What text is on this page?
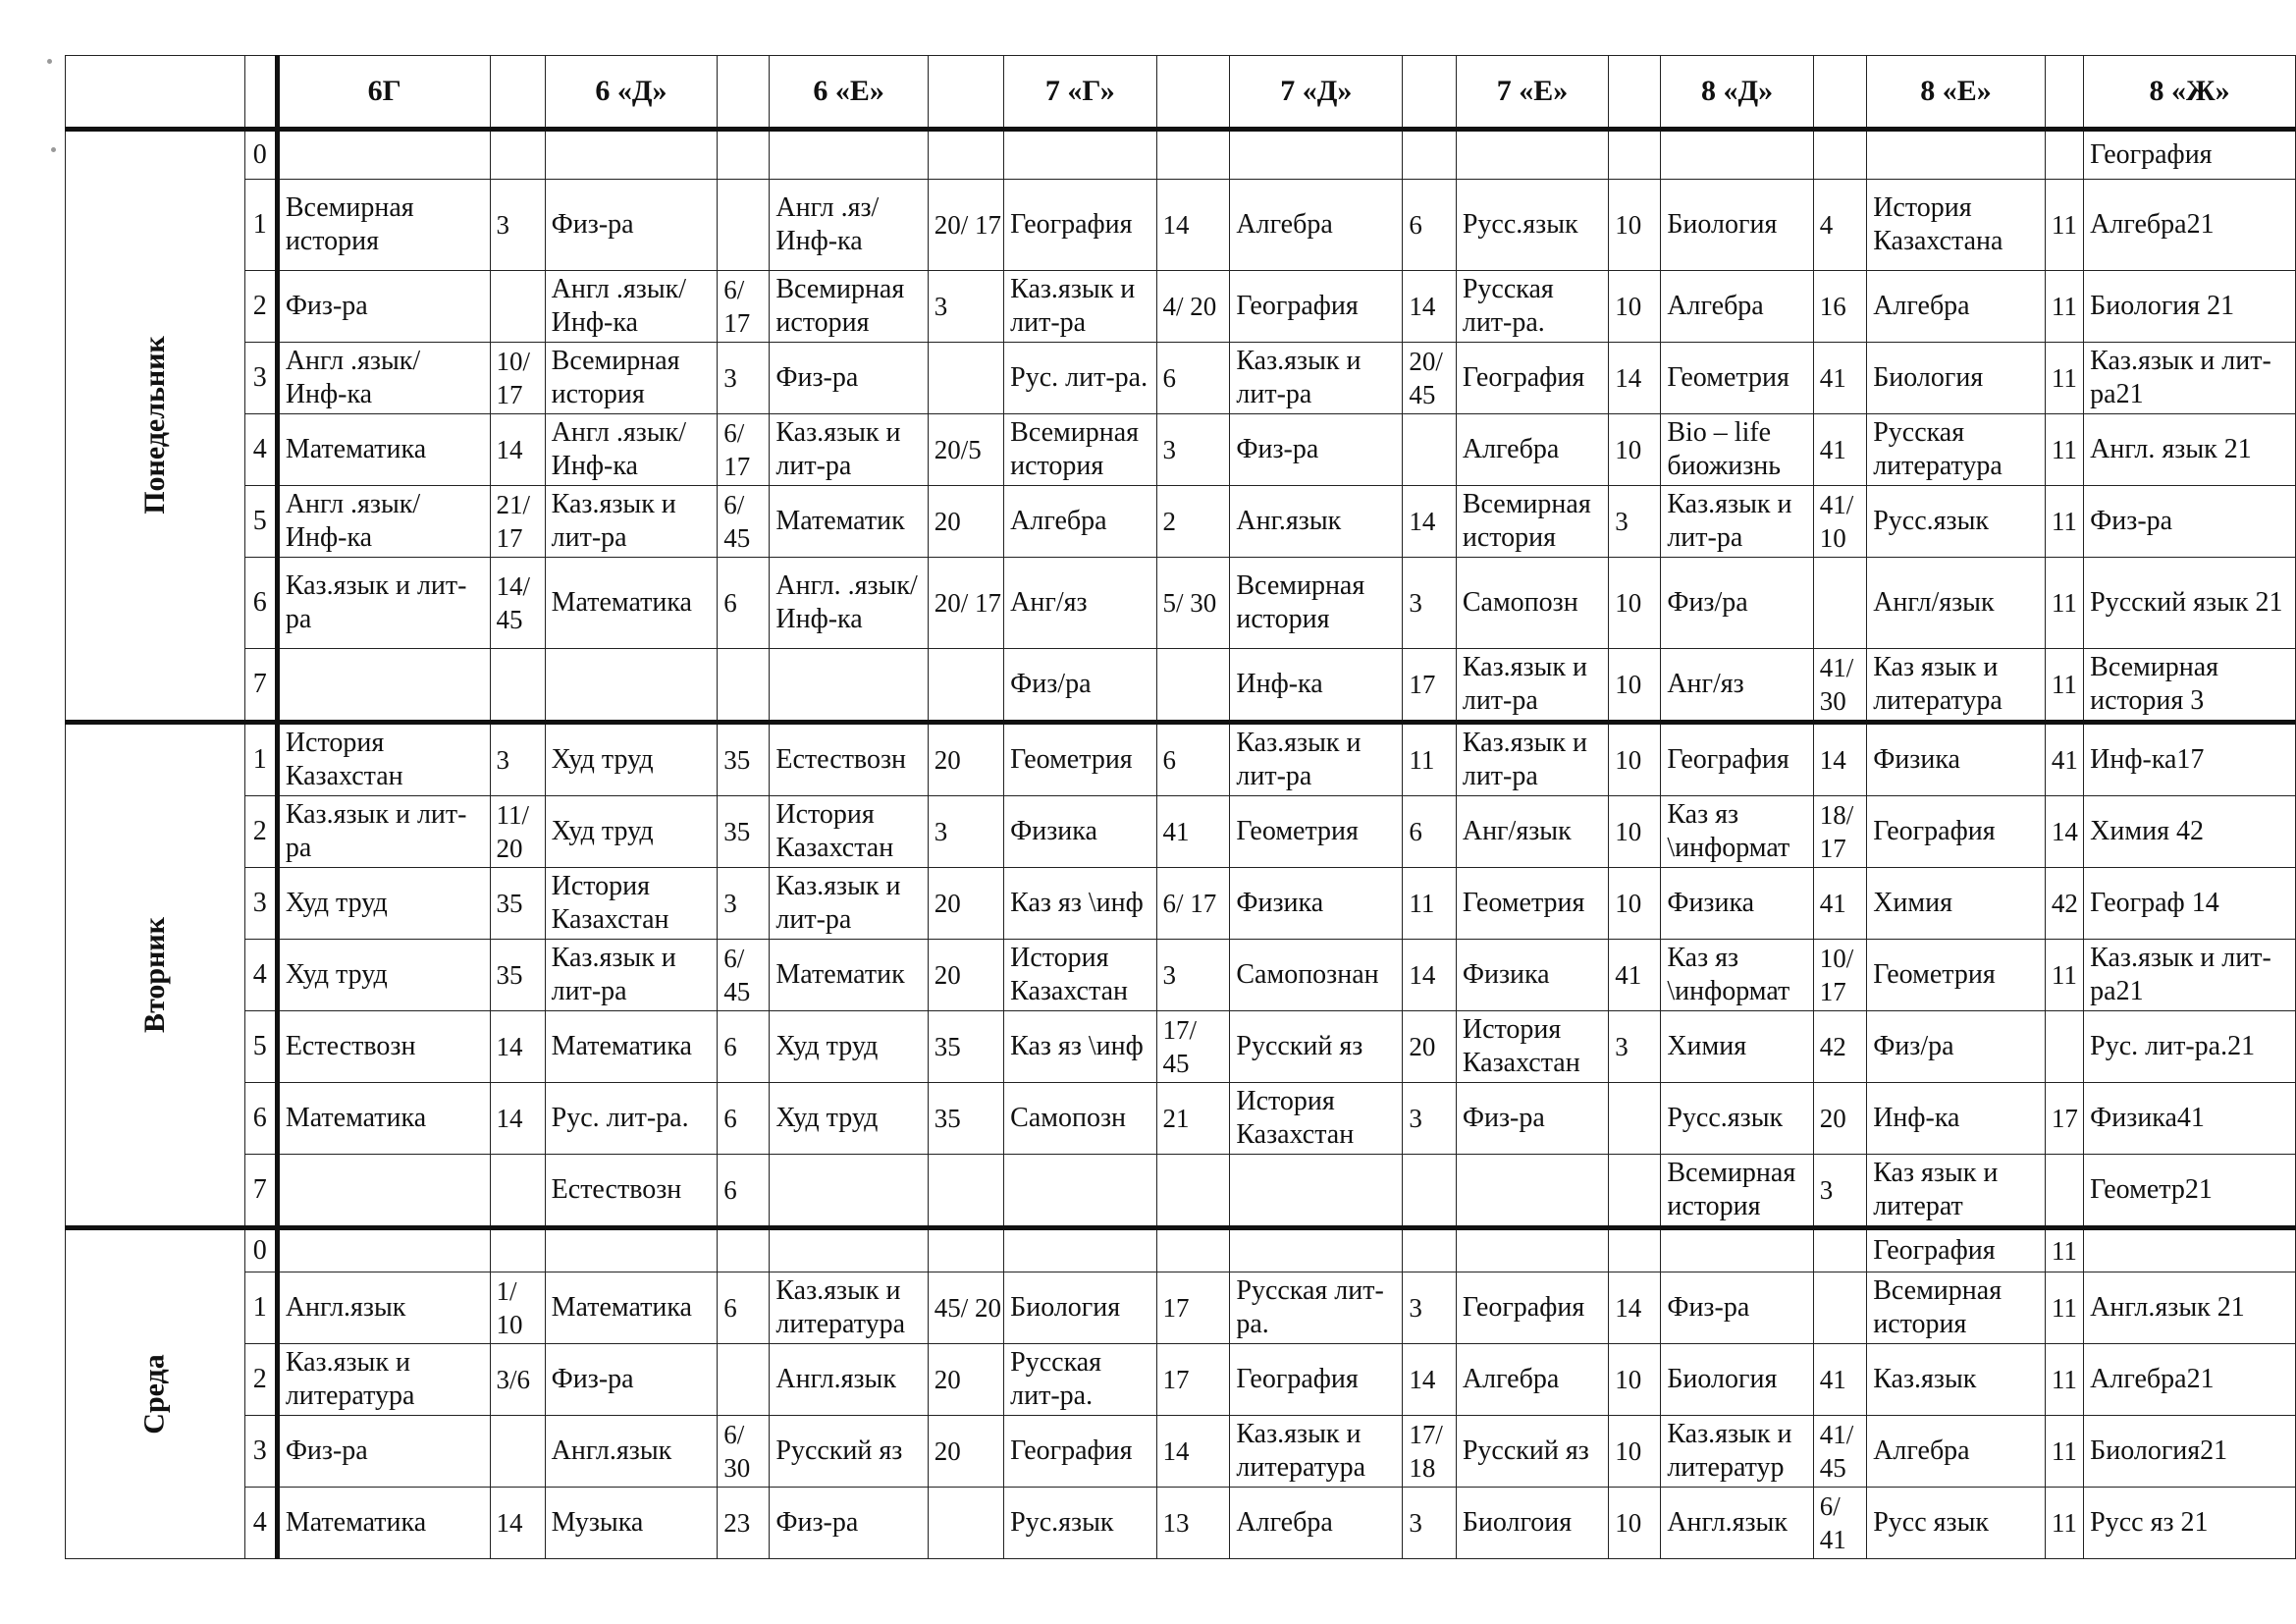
		6Г		6 «Д»		6 «Е»		7 «Г»		7 «Д»		7 «Е»		8 «Д»		8 «Е»		8 «Ж»
Понедельник	0																	География
	1	Всемирная история	3	Физ-ра		Англ .яз/ Инф-ка	20/ 17	География	14	Алгебра	6	Русс.язык	10	Биология	4	История Казахстана	11	Алгебра21
	2	Физ-ра		Англ .язык/ Инф-ка	6/ 17	Всемирная история	3	Каз.язык и лит-ра	4/ 20	География	14	Русская лит-ра.	10	Алгебра	16	Алгебра	11	Биология 21
	3	Англ .язык/ Инф-ка	10/ 17	Всемирная история	3	Физ-ра		Рус. лит-ра.	6	Каз.язык и лит-ра	20/ 45	География	14	Геометрия	41	Биология	11	Каз.язык и лит-ра21
	4	Математика	14	Англ .язык/ Инф-ка	6/ 17	Каз.язык и лит-ра	20/5	Всемирная история	3	Физ-ра		Алгебра	10	Bio – life биожизнь	41	Русская литература	11	Англ. язык 21
	5	Англ .язык/ Инф-ка	21/ 17	Каз.язык и лит-ра	6/ 45	Математик	20	Алгебра	2	Анг.язык	14	Всемирная история	3	Каз.язык и лит-ра	41/ 10	Русс.язык	11	Физ-ра
	6	Каз.язык и лит-ра	14/ 45	Математика	6	Англ. .язык/ Инф-ка	20/ 17	Анг/яз	5/ 30	Всемирная история	3	Самопозн	10	Физ/ра		Англ/язык	11	Русский язык 21
	7							Физ/ра		Инф-ка	17	Каз.язык и лит-ра	10	Анг/яз	41/ 30	Каз язык и литература	11	Всемирная история 3
Вторник	1	История Казахстан	3	Худ труд	35	Естествозн	20	Геометрия	6	Каз.язык и лит-ра	11	Каз.язык и лит-ра	10	География	14	Физика	41	Инф-ка17
	2	Каз.язык и лит-ра	11/ 20	Худ труд	35	История Казахстан	3	Физика	41	Геометрия	6	Анг/язык	10	Каз яз \информат	18/ 17	География	14	Химия 42
	3	Худ труд	35	История Казахстан	3	Каз.язык и лит-ра	20	Каз яз \инф	6/ 17	Физика	11	Геометрия	10	Физика	41	Химия	42	Географ 14
	4	Худ труд	35	Каз.язык и лит-ра	6/ 45	Математик	20	История Казахстан	3	Самопознан	14	Физика	41	Каз яз \информат	10/ 17	Геометрия	11	Каз.язык и лит-ра21
	5	Естествозн	14	Математика	6	Худ труд	35	Каз яз \инф	17/ 45	Русский яз	20	История Казахстан	3	Химия	42	Физ/ра		Рус. лит-ра.21
	6	Математика	14	Рус. лит-ра.	6	Худ труд	35	Самопозн	21	История Казахстан	3	Физ-ра		Русс.язык	20	Инф-ка	17	Физика41
	7			Естествозн	6									Всемирная история	3	Каз язык и литерат		Геометр21
Среда	0															География	11	
	1	Англ.язык	1/ 10	Математика	6	Каз.язык и литература	45/ 20	Биология	17	Русская лит-ра.	3	География	14	Физ-ра		Всемирная история	11	Англ.язык 21
	2	Каз.язык и литература	3/6	Физ-ра		Англ.язык	20	Русская лит-ра.	17	География	14	Алгебра	10	Биология	41	Каз.язык	11	Алгебра21
	3	Физ-ра		Англ.язык	6/ 30	Русский яз	20	География	14	Каз.язык и литература	17/ 18	Русский яз	10	Каз.язык и литератур	41/ 45	Алгебра	11	Биология21
	4	Математика	14	Музыка	23	Физ-ра		Рус.язык	13	Алгебра	3	Биолгоия	10	Англ.язык	6/ 41	Русс язык	11	Русс яз 21
